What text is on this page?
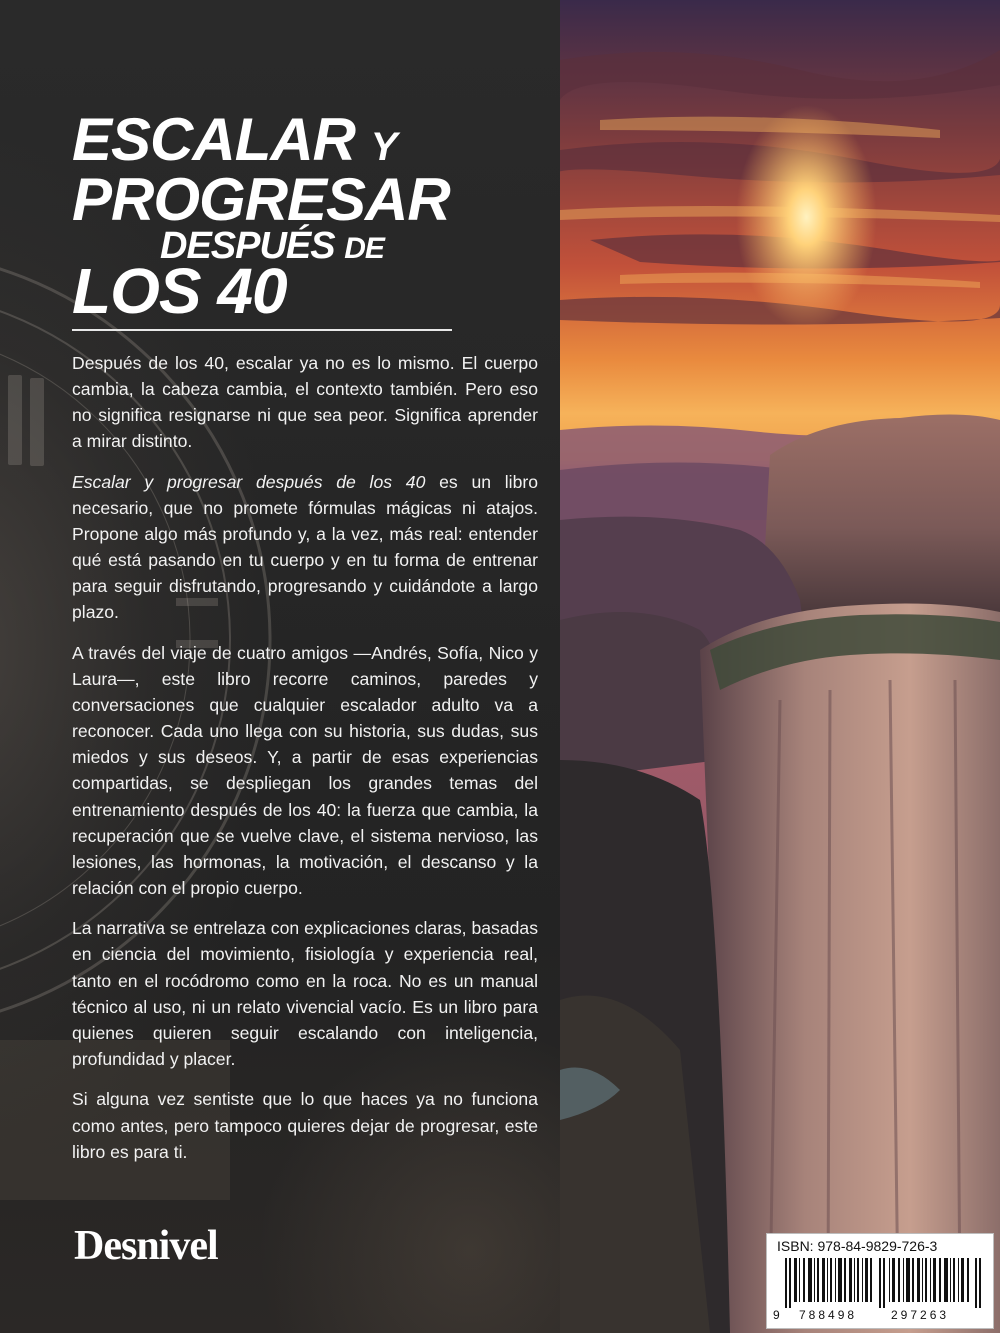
ESCALAR Y
PROGRESAR
DESPUÉS DE
LOS 40

Después de los 40, escalar ya no es lo mismo. El cuerpo cambia, la cabeza cambia, el contexto también. Pero eso no significa resignarse ni que sea peor. Significa aprender a mirar distinto.

Escalar y progresar después de los 40 es un libro necesario, que no promete fórmulas mágicas ni atajos. Propone algo más profundo y, a la vez, más real: entender qué está pasando en tu cuerpo y en tu forma de entrenar para seguir disfrutando, progresando y cuidándote a largo plazo.

A través del viaje de cuatro amigos —Andrés, Sofía, Nico y Laura—, este libro recorre caminos, paredes y conversaciones que cualquier escalador adulto va a reconocer. Cada uno llega con su historia, sus dudas, sus miedos y sus deseos. Y, a partir de esas experiencias compartidas, se despliegan los grandes temas del entrenamiento después de los 40: la fuerza que cambia, la recuperación que se vuelve clave, el sistema nervioso, las lesiones, las hormonas, la motivación, el descanso y la relación con el propio cuerpo.

La narrativa se entrelaza con explicaciones claras, basadas en ciencia del movimiento, fisiología y experiencia real, tanto en el rocódromo como en la roca. No es un manual técnico al uso, ni un relato vivencial vacío. Es un libro para quienes quieren seguir escalando con inteligencia, profundidad y placer.

Si alguna vez sentiste que lo que haces ya no funciona como antes, pero tampoco quieres dejar de progresar, este libro es para ti.

Desnivel	ISBN: 978-84-9829-726-3
9 788498	297263
